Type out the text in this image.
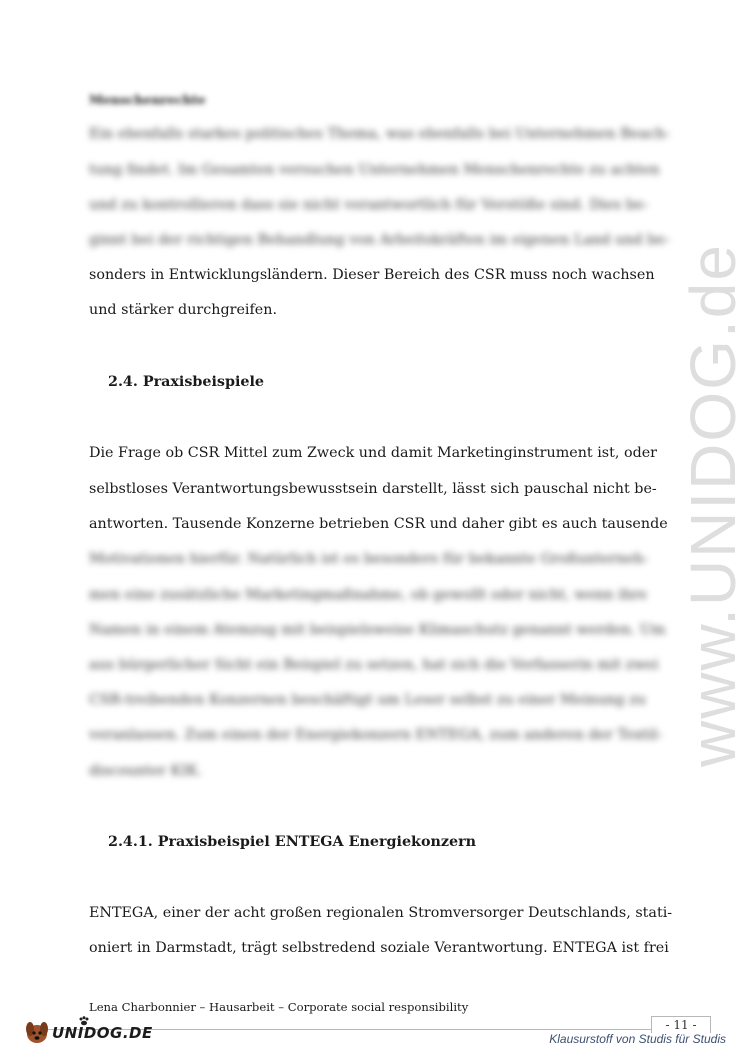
www.UNIDOG.de
Menschenrechte
Ein ebenfalls starkes politisches Thema, was ebenfalls bei Unternehmen Beach-
tung findet. Im Gesamten versuchen Unternehmen Menschenrechte zu achten
und zu kontrollieren dass sie nicht verantwortlich für Verstöße sind. Dies be-
ginnt bei der richtigen Behandlung von Arbeitskräften im eigenen Land und be-
sonders in Entwicklungsländern. Dieser Bereich des CSR muss noch wachsen
und stärker durchgreifen.
2.4. Praxisbeispiele
Die Frage ob CSR Mittel zum Zweck und damit Marketinginstrument ist, oder
selbstloses Verantwortungsbewusstsein darstellt, lässt sich pauschal nicht be-
antworten. Tausende Konzerne betrieben CSR und daher gibt es auch tausende
Motivationen hierfür. Natürlich ist es besonders für bekannte Großunterneh-
men eine zusätzliche Marketingmaßnahme, ob gewollt oder nicht, wenn ihre
Namen in einem Atemzug mit beispielsweise Klimaschutz genannt werden. Um
aus bürgerlicher Sicht ein Beispiel zu setzen, hat sich die Verfasserin mit zwei
CSR-treibenden Konzernen beschäftigt um Leser selbst zu einer Meinung zu
veranlassen. Zum einen der Energiekonzern ENTEGA, zum anderen der Textil-
discounter KIK.
2.4.1. Praxisbeispiel ENTEGA Energiekonzern
ENTEGA, einer der acht großen regionalen Stromversorger Deutschlands, stati-
oniert in Darmstadt, trägt selbstredend soziale Verantwortung. ENTEGA ist frei
Lena Charbonnier – Hausarbeit – Corporate social responsibility
- 11 -
Klausurstoff von Studis für Studis
UNIDOG.DE
